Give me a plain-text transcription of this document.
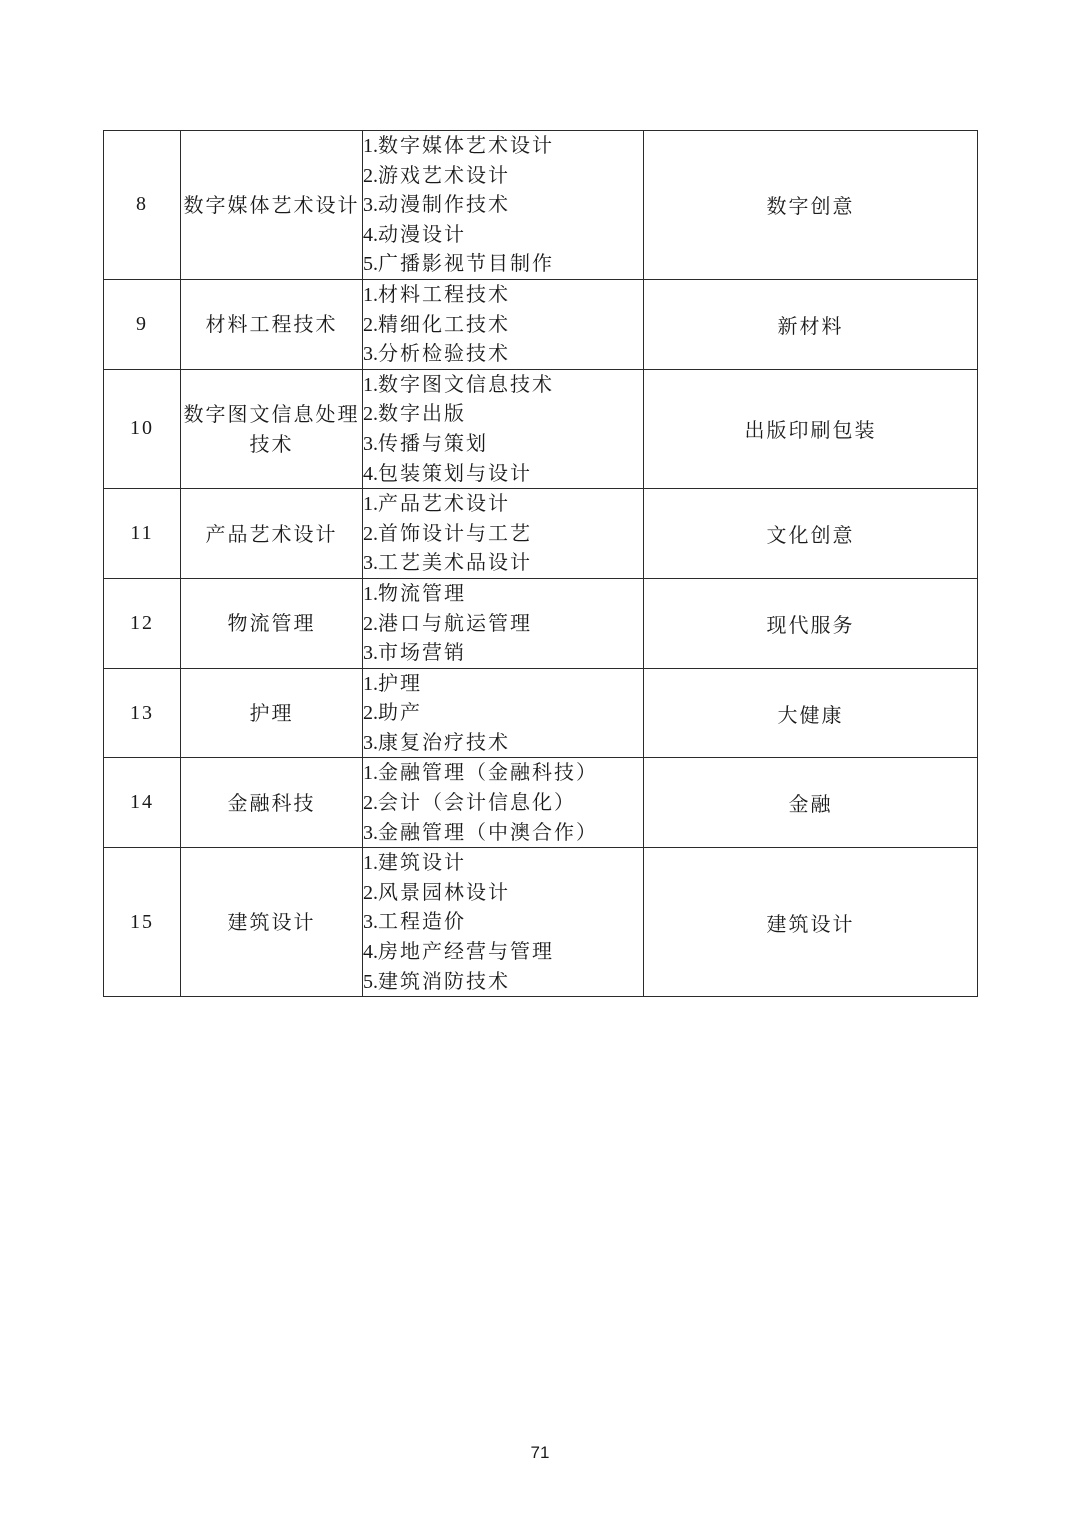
8	数字媒体艺术设计	1.数字媒体艺术设计
2.游戏艺术设计
3.动漫制作技术
4.动漫设计
5.广播影视节目制作	数字创意
9	材料工程技术	1.材料工程技术
2.精细化工技术
3.分析检验技术	新材料
10	数字图文信息处理技术	1.数字图文信息技术
2.数字出版
3.传播与策划
4.包装策划与设计	出版印刷包装
11	产品艺术设计	1.产品艺术设计
2.首饰设计与工艺
3.工艺美术品设计	文化创意
12	物流管理	1.物流管理
2.港口与航运管理
3.市场营销	现代服务
13	护理	1.护理
2.助产
3.康复治疗技术	大健康
14	金融科技	1.金融管理（金融科技）
2.会计（会计信息化）
3.金融管理（中澳合作）	金融
15	建筑设计	1.建筑设计
2.风景园林设计
3.工程造价
4.房地产经营与管理
5.建筑消防技术	建筑设计
71
